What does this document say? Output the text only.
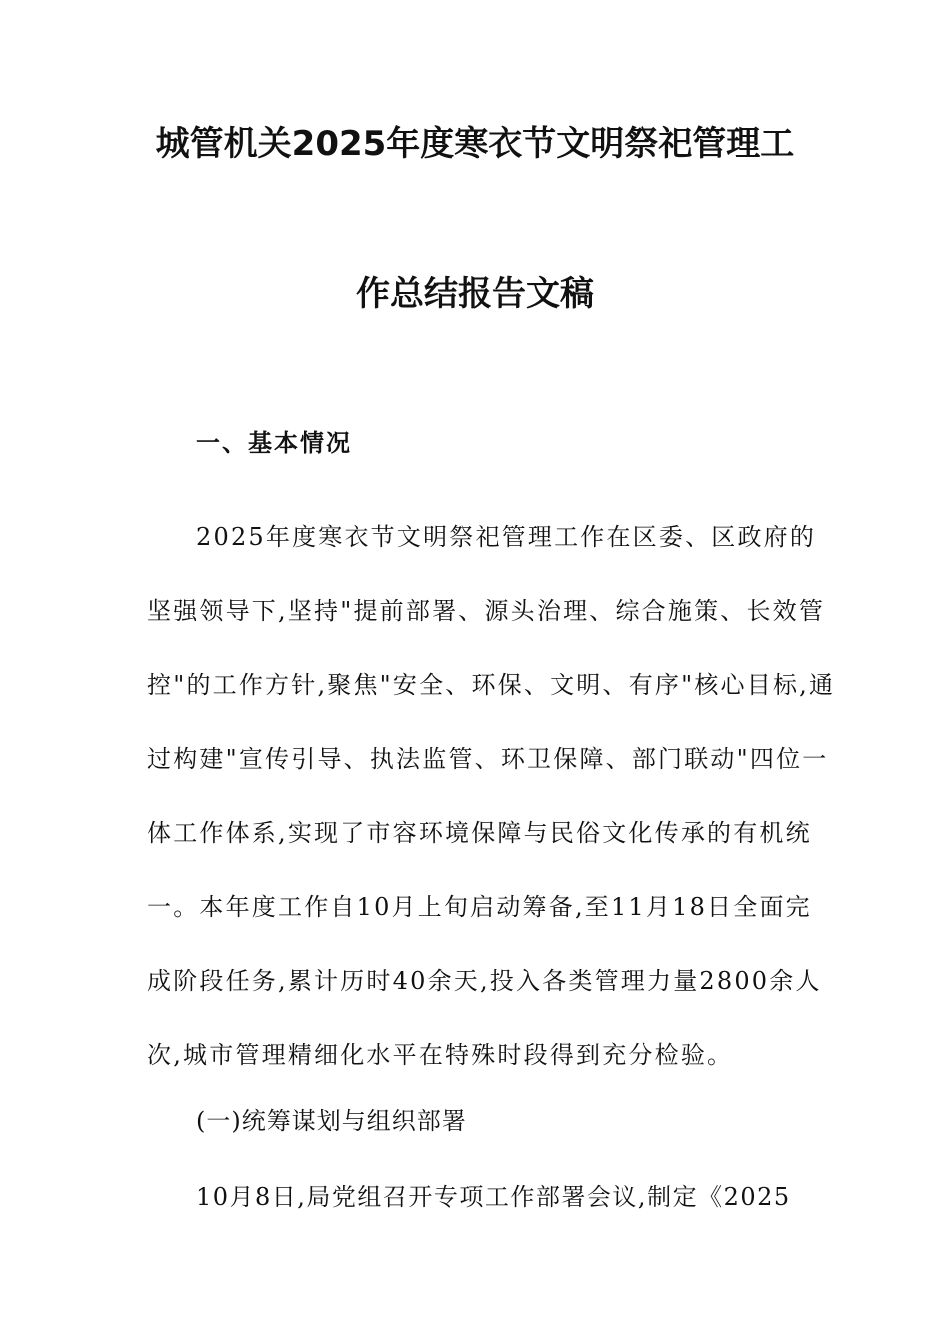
城管机关2025年度寒衣节文明祭祀管理工
作总结报告文稿
一、基本情况
2025年度寒衣节文明祭祀管理工作在区委、区政府的
坚强领导下,坚持"提前部署、源头治理、综合施策、长效管
控"的工作方针,聚焦"安全、环保、文明、有序"核心目标,通
过构建"宣传引导、执法监管、环卫保障、部门联动"四位一
体工作体系,实现了市容环境保障与民俗文化传承的有机统
一。本年度工作自10月上旬启动筹备,至11月18日全面完
成阶段任务,累计历时40余天,投入各类管理力量2800余人
次,城市管理精细化水平在特殊时段得到充分检验。
(一)统筹谋划与组织部署

10月8日,局党组召开专项工作部署会议,制定《2025
